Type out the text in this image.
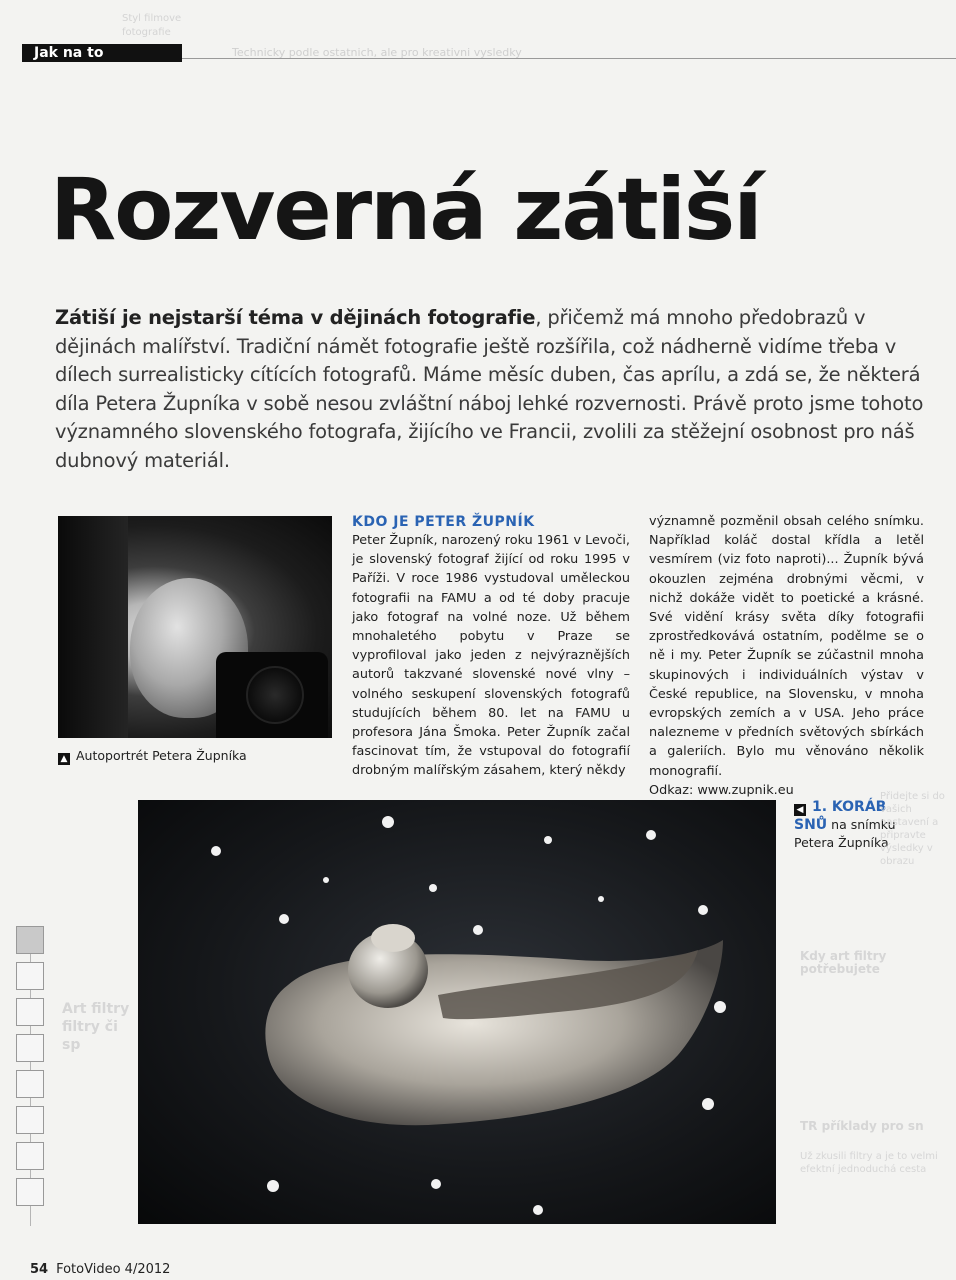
Styl filmove fotografie
Jak na to	Technicky podle ostatnich, ale pro kreativni vysledky
Rozverná zátiší

Zátiší je nejstarší téma v dějinách fotografie, přičemž má mnoho předobrazů v dějinách malířství. Tradiční námět fotografie ještě rozšířila, což nádherně vidíme třeba v dílech surrealisticky cítících fotografů. Máme měsíc duben, čas aprílu, a zdá se, že některá díla Petera Župníka v sobě nesou zvláštní náboj lehké rozvernosti. Právě proto jsme tohoto významného slovenského fotografa, žijícího ve Francii, zvolili za stěžejní osobnost pro náš dubnový materiál.

▲ Autoportrét Petera Župníka
KDO JE PETER ŽUPNÍK

Peter Župník, narozený roku 1961 v Levoči, je slovenský fotograf žijící od roku 1995 v Paříži. V roce 1986 vystudoval uměleckou fotografii na FAMU a od té doby pracuje jako fotograf na volné noze. Už během mnohaletého pobytu v Praze se vyprofiloval jako jeden z nejvýraznějších autorů takzvané slovenské nové vlny – volného seskupení slovenských fotografů studujících během 80. let na FAMU u profesora Jána Šmoka. Peter Župník začal fascinovat tím, že vstupoval do fotografií drobným malířským zásahem, který někdy

významně pozměnil obsah celého snímku. Například koláč dostal křídla a letěl vesmírem (viz foto naproti)... Župník bývá okouzlen zejména drobnými věcmi, v nichž dokáže vidět to poetické a krásné. Své vidění krásy světa díky fotografii zprostředkovává ostatním, podělme se o ně i my. Peter Župník se zúčastnil mnoha skupinových i individuálních výstav v České republice, na Slovensku, v mnoha evropských zemích a v USA. Jeho práce nalezneme v předních světových sbírkách a galeriích. Bylo mu věnováno několik monografií.
Odkaz: www.zupnik.eu
◀ 1. KORÁB
SNŮ na snímku
Petera Župníka
Přidejte si do vašich nastavení a připravte výsledky v obrazu
Kdy art filtry potřebujete
Art filtry filtry či sp
TR příklady pro sn
Už zkusili filtry a je to velmi efektní jednoduchá cesta
54 FotoVideo 4/2012
